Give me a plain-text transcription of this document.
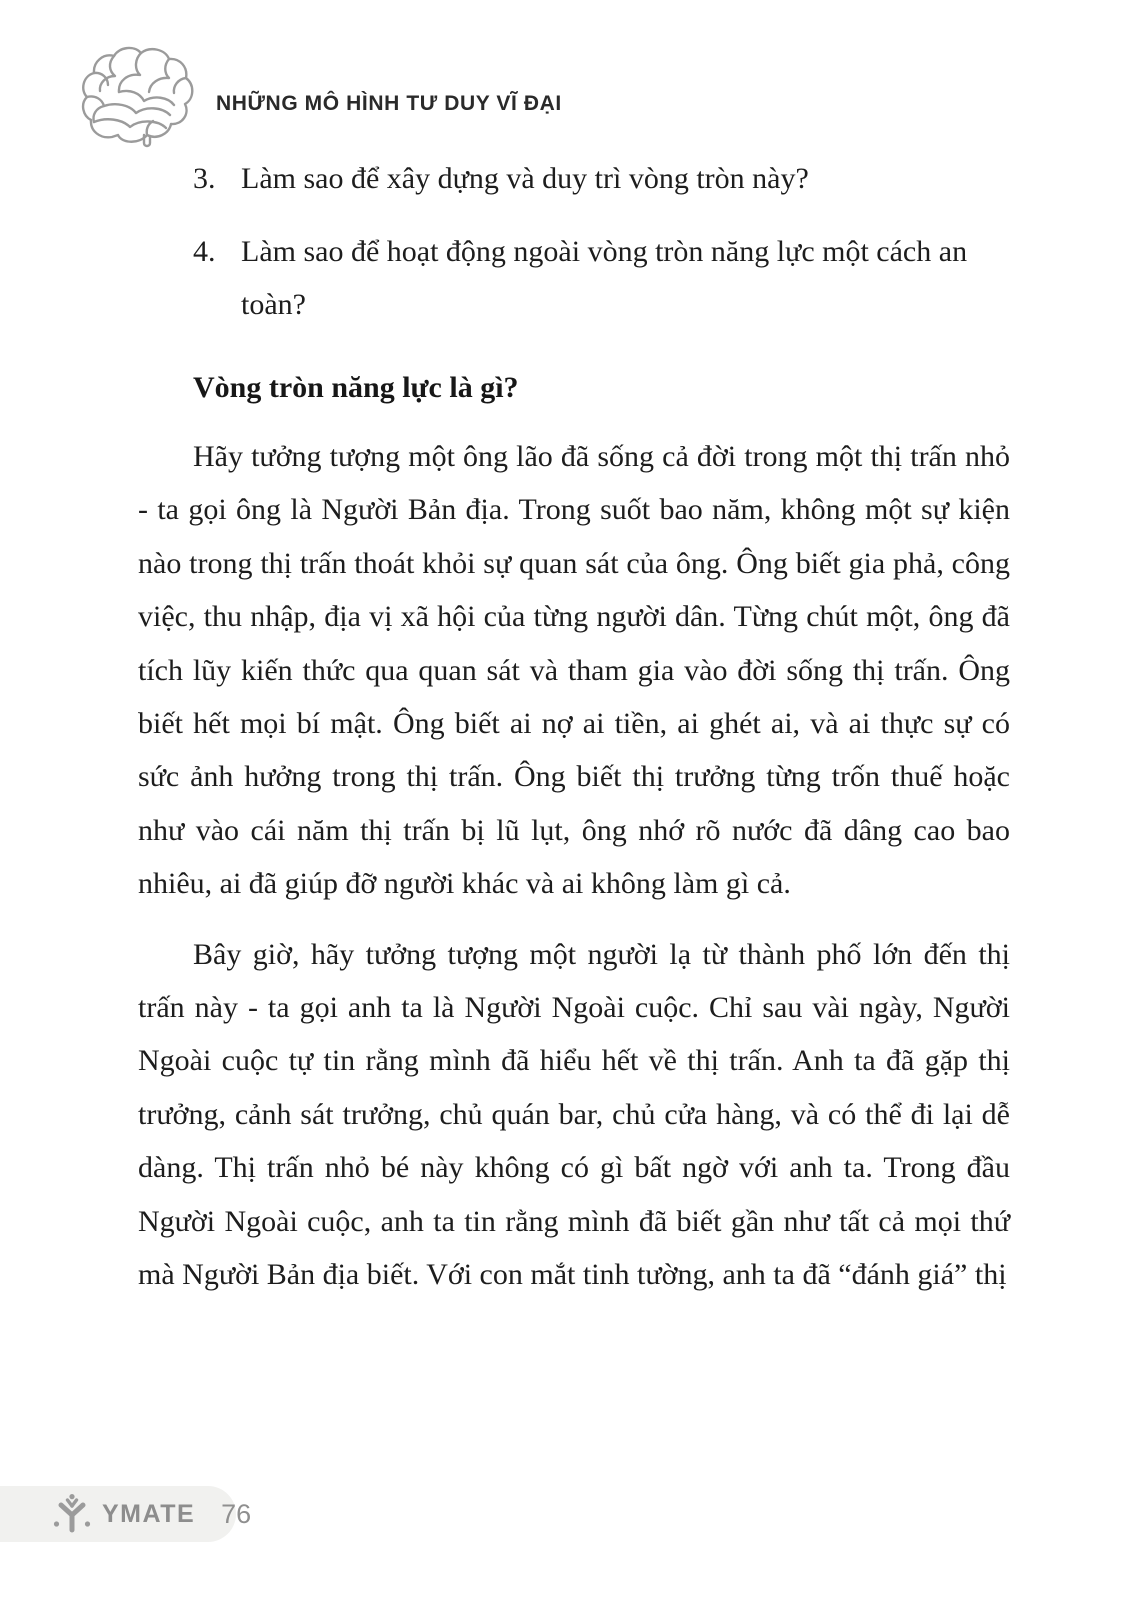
NHỮNG MÔ HÌNH TƯ DUY VĨ ĐẠI
3. Làm sao để xây dựng và duy trì vòng tròn này?
4. Làm sao để hoạt động ngoài vòng tròn năng lực một cách an toàn?
Vòng tròn năng lực là gì?

Hãy tưởng tượng một ông lão đã sống cả đời trong một thị trấn nhỏ - ta gọi ông là Người Bản địa. Trong suốt bao năm, không một sự kiện nào trong thị trấn thoát khỏi sự quan sát của ông. Ông biết gia phả, công việc, thu nhập, địa vị xã hội của từng người dân. Từng chút một, ông đã tích lũy kiến thức qua quan sát và tham gia vào đời sống thị trấn. Ông biết hết mọi bí mật. Ông biết ai nợ ai tiền, ai ghét ai, và ai thực sự có sức ảnh hưởng trong thị trấn. Ông biết thị trưởng từng trốn thuế hoặc như vào cái năm thị trấn bị lũ lụt, ông nhớ rõ nước đã dâng cao bao nhiêu, ai đã giúp đỡ người khác và ai không làm gì cả.

Bây giờ, hãy tưởng tượng một người lạ từ thành phố lớn đến thị trấn này - ta gọi anh ta là Người Ngoài cuộc. Chỉ sau vài ngày, Người Ngoài cuộc tự tin rằng mình đã hiểu hết về thị trấn. Anh ta đã gặp thị trưởng, cảnh sát trưởng, chủ quán bar, chủ cửa hàng, và có thể đi lại dễ dàng. Thị trấn nhỏ bé này không có gì bất ngờ với anh ta. Trong đầu Người Ngoài cuộc, anh ta tin rằng mình đã biết gần như tất cả mọi thứ mà Người Bản địa biết. Với con mắt tinh tường, anh ta đã “đánh giá” thị

YMATE 76
